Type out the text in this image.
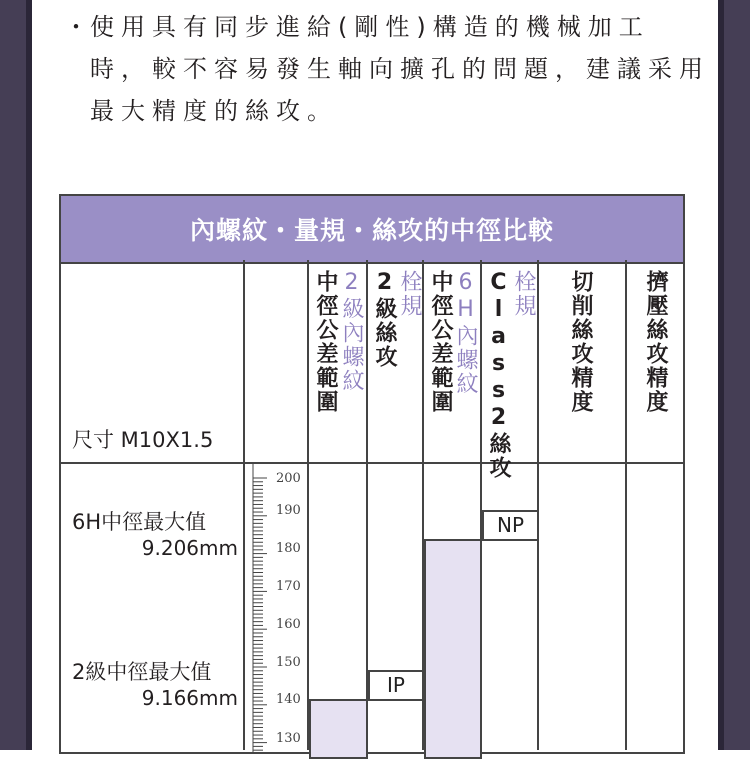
・
使用具有同步進給(剛性)構造的機械加工時，較不容易發生軸向擴孔的問題，建議采用最大精度的絲攻。
內螺紋・量規・絲攻的中徑比較
中徑公差範圍 2級內螺紋 2級絲攻 栓規 中徑公差範圍 6H內螺紋 Class2絲攻 栓規 切削絲攻精度 擠壓絲攻精度
尺寸 M10X1.5
6H中徑最大值
9.206mm
2級中徑最大值
9.166mm
200
190
180
170
160
150
140
130
IP
NP
